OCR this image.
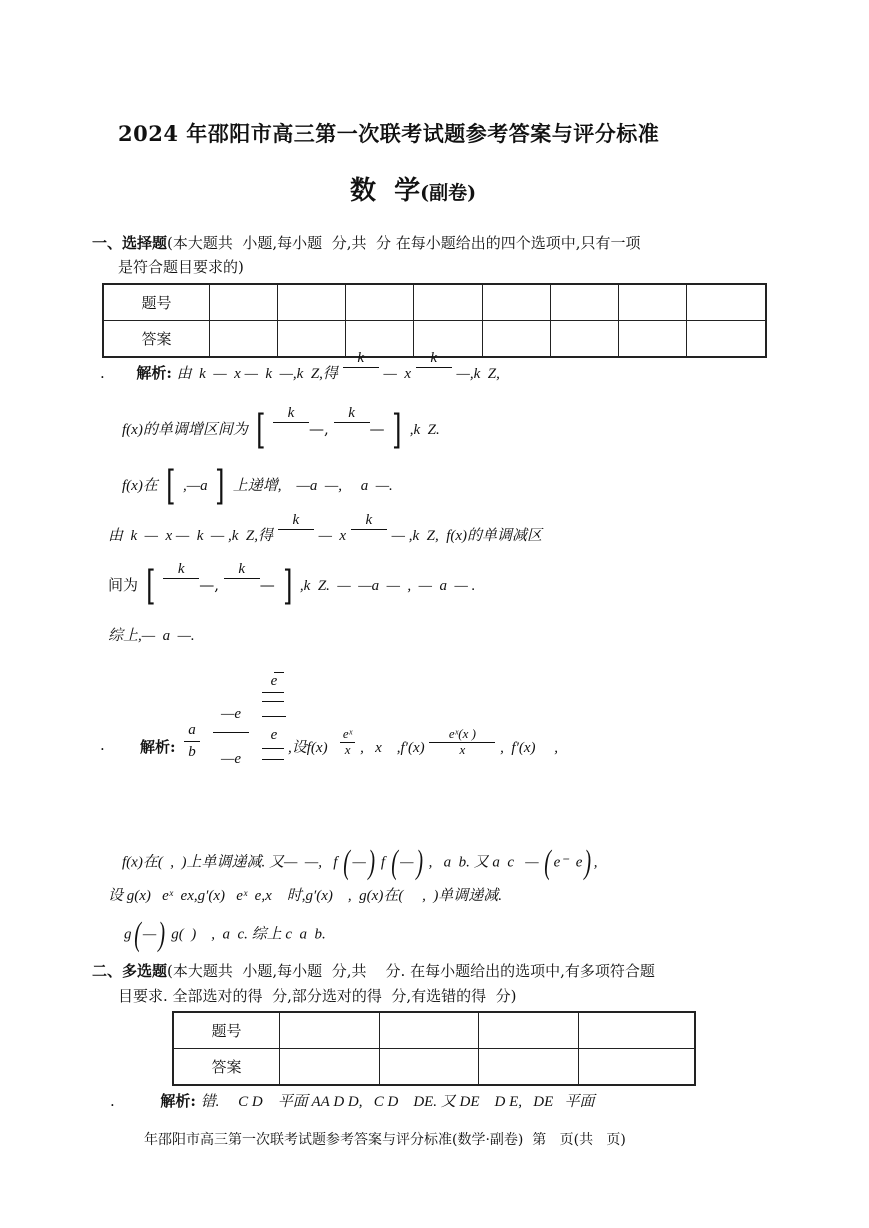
2024 年邵阳市高三第一次联考试题参考答案与评分标准
数  学(副卷)
一、选择题(本大题共  小题,每小题  分,共  分 在每小题给出的四个选项中,只有一项
是符合题目要求的)
题号								
答案								
. 解析: 由  k  —  x —  k  —,k  Z,得
k

—  x
k

—,k  Z,
f(x)的单调增区间为 [	k

—,
k

— ] ,k  Z.
f(x)在 [ ,—a ] 上递增,    —a  —,     a  —.
由  k  —  x —  k  — ,k  Z,得
k

—  x
k

— ,k  Z,  f(x)的单调减区
间为 [	k

—,
k

— ] ,k  Z.  —  —a  —  ,  —  a  — .
综上,—  a  —.
. 解析:
a
b
—e
—e
e
e
,设$f(x) \frac{\text{eˣ}}{x}$ ,   x    $,f'(x) \frac{\text{eˣ(x )}}{x}$ ,  f′(x)     ,
f(x)在(  ,  )上单调递减. 又—  —,   f ( —) f ( —) ,   a  b. 又 a  c   — ( e⁻  e) ,
设 g(x)   eˣ  ex,g′(x)   eˣ  e,x    时,g′(x)    ,  g(x)在(     ,  )单调递减.
g( —) g(  )    ,  a  c. 综上 c  a  b.
二、多选题(本大题共  小题,每小题  分,共    分. 在每小题给出的选项中,有多项符合题
目要求. 全部选对的得  分,部分选对的得  分,有选错的得  分)
题号				
答案				
.	解析: 错.     C D    平面 AA D D,   C D    DE. 又 DE    D E,   DE   平面
年邵阳市高三第一次联考试题参考答案与评分标准(数学·副卷)  第   页(共   页)
